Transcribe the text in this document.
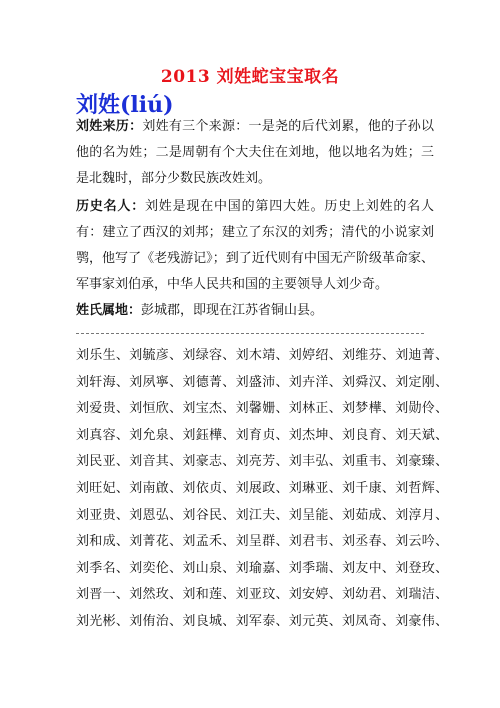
2013 刘姓蛇宝宝取名
刘姓(liú)
刘姓来历：刘姓有三个来源：一是尧的后代刘累，他的子孙以他的名为姓；二是周朝有个大夫住在刘地，他以地名为姓；三是北魏时，部分少数民族改姓刘。
历史名人：刘姓是现在中国的第四大姓。历史上刘姓的名人有：建立了西汉的刘邦；建立了东汉的刘秀；清代的小说家刘鹗，他写了《老残游记》；到了近代则有中国无产阶级革命家、军事家刘伯承，中华人民共和国的主要领导人刘少奇。
姓氏属地：彭城郡，即现在江苏省铜山县。
刘乐生、刘毓彦、刘绿容、刘木靖、刘婷绍、刘维芬、刘迪菁、
刘轩海、刘夙寧、刘德菁、刘盛沛、刘卉洋、刘舜汉、刘定刚、
刘爱贵、刘恒欣、刘宝杰、刘馨姗、刘林正、刘梦樺、刘勋伶、
刘真容、刘允泉、刘鈺樺、刘育贞、刘杰坤、刘良育、刘天斌、
刘民亚、刘音其、刘豪志、刘亮芳、刘丰弘、刘重韦、刘豪臻、
刘旺妃、刘南啟、刘依贞、刘展政、刘琳亚、刘千康、刘哲辉、
刘亚贵、刘恩弘、刘谷民、刘江夫、刘呈能、刘茹成、刘淳月、
刘和成、刘菁花、刘孟禾、刘呈群、刘君韦、刘丞春、刘云吟、
刘季名、刘奕伦、刘山泉、刘瑜嘉、刘季瑞、刘友中、刘登玫、
刘晋一、刘然玫、刘和莲、刘亚玟、刘安婷、刘幼君、刘瑞洁、
刘光彬、刘侑治、刘良城、刘军泰、刘元英、刘凤奇、刘豪伟、
